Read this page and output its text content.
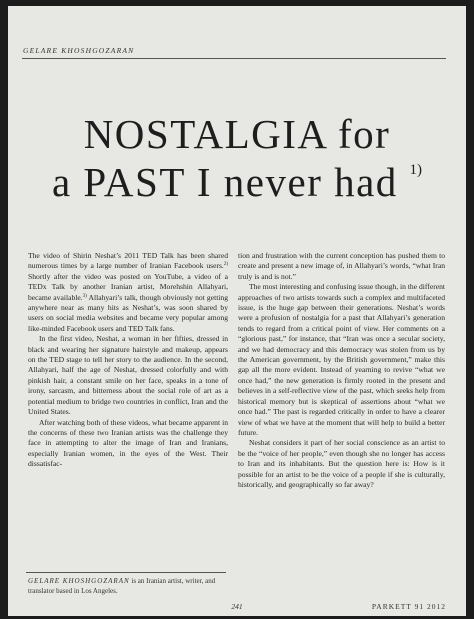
GELARE KHOSHGOZARAN
NOSTALGIA for
a PAST I never had $^{1)}$

The video of Shirin Neshat’s 2011 TED Talk has been shared numerous times by a large number of Iranian Facebook users.$^{2)}$ Shortly after the video was posted on YouTube, a video of a TEDx Talk by another Iranian artist, Morehshin Allahyari, became available.$^{3)}$ Allahyari’s talk, though obviously not getting anywhere near as many hits as Neshat’s, was soon shared by users on social media websites and became very popular among like-minded Facebook users and TED Talk fans.

In the first video, Neshat, a woman in her fifties, dressed in black and wearing her signature hairstyle and makeup, appears on the TED stage to tell her story to the audience. In the second, Allahyari, half the age of Neshat, dressed colorfully and with pinkish hair, a constant smile on her face, speaks in a tone of irony, sarcasm, and bitterness about the social role of art as a potential medium to bridge two countries in conflict, Iran and the United States.

After watching both of these videos, what became apparent in the concerns of these two Iranian artists was the challenge they face in attempting to alter the image of Iran and Iranians, especially Iranian women, in the eyes of the West. Their dissatisfac-

tion and frustration with the current conception has pushed them to create and present a new image of, in Allahyari’s words, “what Iran truly is and is not.”

The most interesting and confusing issue though, in the different approaches of two artists towards such a complex and multifaceted issue, is the huge gap between their generations. Neshat’s words were a profusion of nostalgia for a past that Allahyari’s generation tends to regard from a critical point of view. Her comments on a “glorious past,” for instance, that “Iran was once a secular society, and we had democracy and this democracy was stolen from us by the American government, by the British government,” make this gap all the more evident. Instead of yearning to revive “what we once had,” the new generation is firmly rooted in the present and believes in a self-reflective view of the past, which seeks help from historical memory but is skeptical of assertions about “what we once had.” The past is regarded critically in order to have a clearer view of what we have at the moment that will help to build a better future.

Neshat considers it part of her social conscience as an artist to be the “voice of her people,” even though she no longer has access to Iran and its inhabitants. But the question here is: How is it possible for an artist to be the voice of a people if she is culturally, historically, and geographically so far away?

GELARE KHOSHGOZARAN is an Iranian artist, writer, and translator based in Los Angeles.
241	PARKETT 91 2012
